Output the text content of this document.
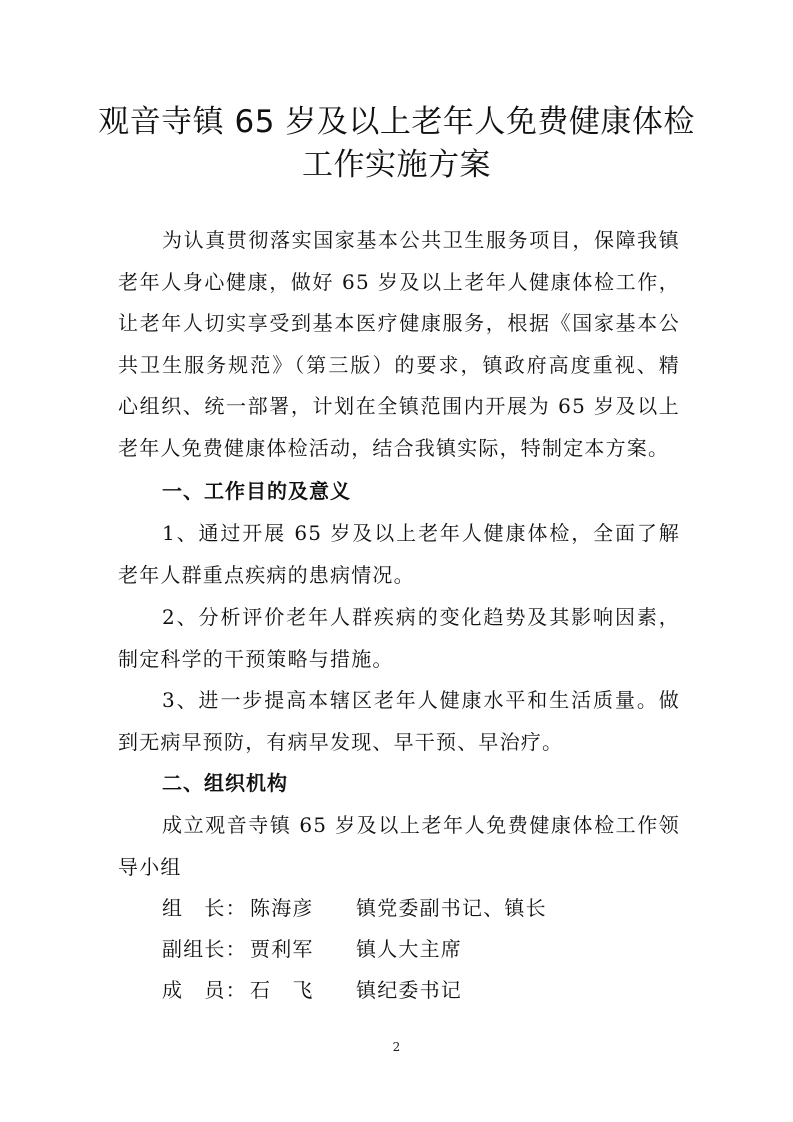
观音寺镇 65 岁及以上老年人免费健康体检
工作实施方案

为认真贯彻落实国家基本公共卫生服务项目，保障我镇老年人身心健康，做好 65 岁及以上老年人健康体检工作，让老年人切实享受到基本医疗健康服务，根据《国家基本公共卫生服务规范》（第三版）的要求，镇政府高度重视、精心组织、统一部署，计划在全镇范围内开展为 65 岁及以上老年人免费健康体检活动，结合我镇实际，特制定本方案。

一、工作目的及意义

1、通过开展 65 岁及以上老年人健康体检，全面了解老年人群重点疾病的患病情况。

2、分析评价老年人群疾病的变化趋势及其影响因素，制定科学的干预策略与措施。

3、进一步提高本辖区老年人健康水平和生活质量。做到无病早预防，有病早发现、早干预、早治疗。

二、组织机构

成立观音寺镇 65 岁及以上老年人免费健康体检工作领导小组

组　长： 陈海彦 镇党委副书记、镇长
副组长： 贾利军 镇人大主席
成　员： 石　飞 镇纪委书记
2
